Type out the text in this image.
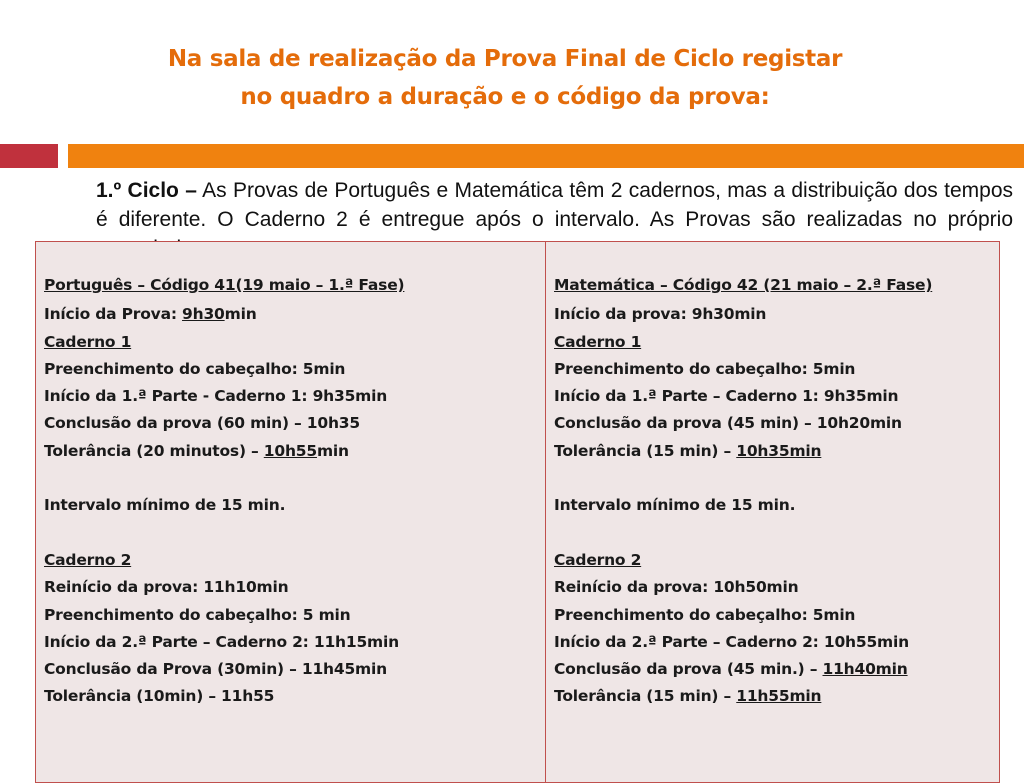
Na sala de realização da Prova Final de Ciclo registar
no quadro a duração e o código da prova:
1.º Ciclo – As Provas de Português e Matemática têm 2 cadernos, mas a distribuição dos tempos é diferente. O Caderno 2 é entregue após o intervalo. As Provas são realizadas no próprio
Português – Código 41(19 maio – 1.ª Fase)
Início da Prova: 9h30min
Caderno 1
Preenchimento do cabeçalho: 5min
Início da 1.ª Parte - Caderno 1: 9h35min
Conclusão da prova (60 min) – 10h35
Tolerância (20 minutos) – 10h55min
Intervalo mínimo de 15 min.
Caderno 2
Reinício da prova: 11h10min
Preenchimento do cabeçalho: 5 min
Início da 2.ª Parte – Caderno 2: 11h15min
Conclusão da Prova (30min) – 11h45min
Tolerância (10min) – 11h55
Matemática – Código 42 (21 maio – 2.ª Fase)
Início da prova: 9h30min
Caderno 1
Preenchimento do cabeçalho: 5min
Início da 1.ª Parte – Caderno 1: 9h35min
Conclusão da prova (45 min) – 10h20min
Tolerância (15 min) – 10h35min
Intervalo mínimo de 15 min.
Caderno 2
Reinício da prova: 10h50min
Preenchimento do cabeçalho: 5min
Início da 2.ª Parte – Caderno 2: 10h55min
Conclusão da prova (45 min.) – 11h40min
Tolerância (15 min) – 11h55min
